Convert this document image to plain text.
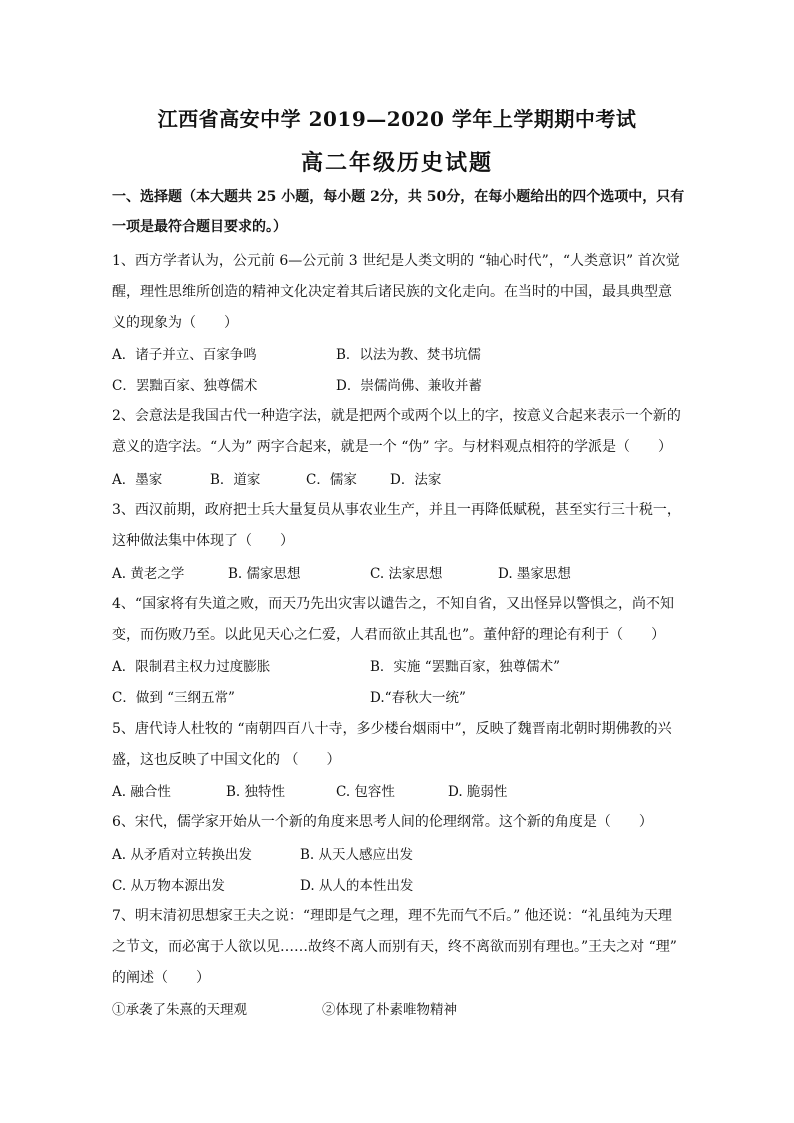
江西省高安中学 2019—2020 学年上学期期中考试
高二年级历史试题
一、选择题（本大题共 25 小题，每小题 2分，共 50分，在每小题给出的四个选项中，只有
一项是最符合题目要求的。）
1、西方学者认为，公元前 6—公元前 3 世纪是人类文明的 “轴心时代”，“人类意识” 首次觉
醒，理性思维所创造的精神文化决定着其后诸民族的文化走向。在当时的中国，最具典型意
义的现象为（　　）
A．诸子并立、百家争鸣	B．以法为教、焚书坑儒
C．罢黜百家、独尊儒术	D．崇儒尚佛、兼收并蓄
2、会意法是我国古代一种造字法，就是把两个或两个以上的字，按意义合起来表示一个新的
意义的造字法。“人为” 两字合起来，就是一个 “伪” 字。与材料观点相符的学派是（　　）
A．墨家	B．道家	C．儒家 D．法家
3、西汉前期，政府把士兵大量复员从事农业生产，并且一再降低赋税，甚至实行三十税一，
这种做法集中体现了（　　）
A. 黄老之学	B. 儒家思想	C. 法家思想	D. 墨家思想
4、“国家将有失道之败，而天乃先出灾害以谴告之，不知自省，又出怪异以警惧之，尚不知
变，而伤败乃至。以此见天心之仁爱，人君而欲止其乱也”。董仲舒的理论有利于（　　）
A．限制君主权力过度膨胀	B．实施 “罢黜百家，独尊儒术”
C．做到 “三纲五常”	D.“春秋大一统”
5、唐代诗人杜牧的 “南朝四百八十寺，多少楼台烟雨中”，反映了魏晋南北朝时期佛教的兴
盛，这也反映了中国文化的 （　　）
A. 融合性	B. 独特性	C. 包容性	D. 脆弱性
6、宋代，儒学家开始从一个新的角度来思考人间的伦理纲常。这个新的角度是（　　）
A. 从矛盾对立转换出发	B. 从天人感应出发
C. 从万物本源出发	D. 从人的本性出发
7、明末清初思想家王夫之说：“理即是气之理，理不先而气不后。” 他还说：“礼虽纯为天理
之节文，而必寓于人欲以见……故终不离人而别有天，终不离欲而别有理也。”王夫之对 “理”
的阐述（　　）
①承袭了朱熹的天理观	②体现了朴素唯物精神
